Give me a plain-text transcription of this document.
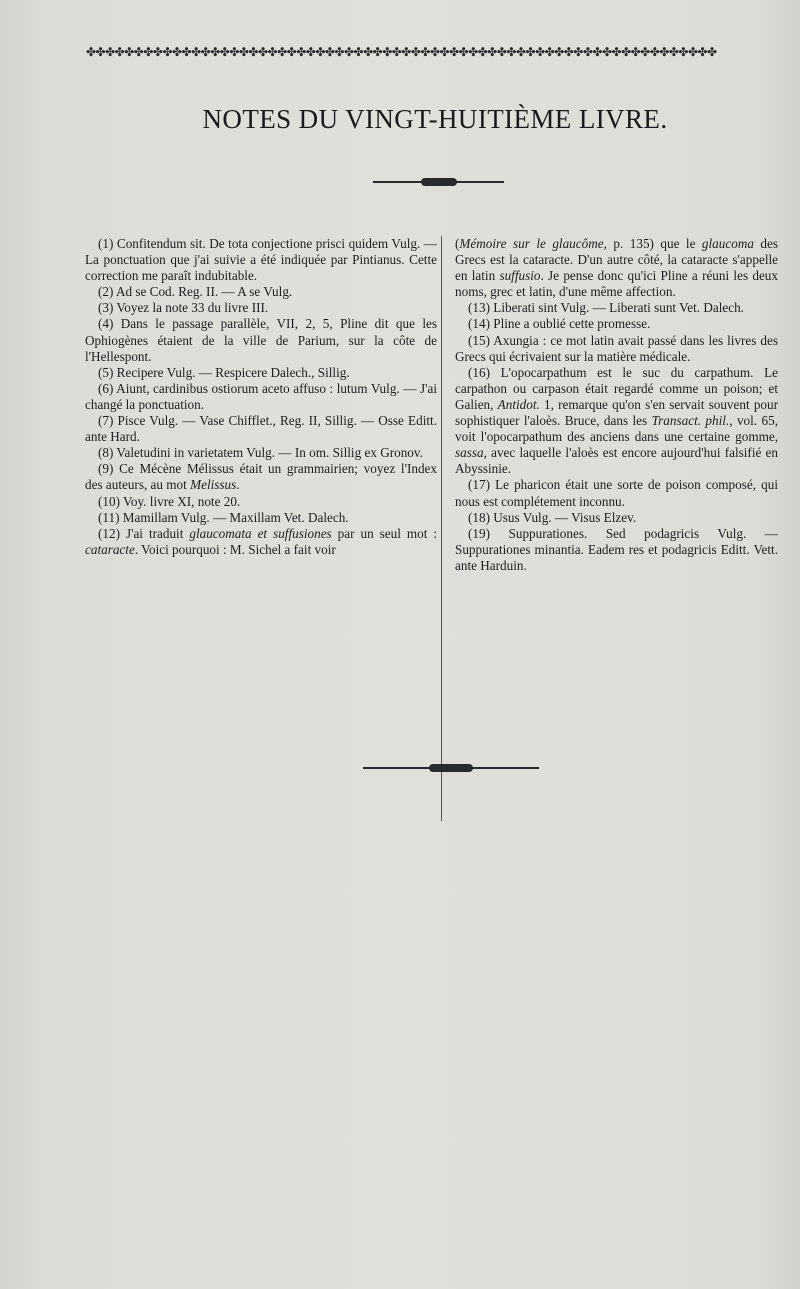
✤✤✤✤✤✤✤✤✤✤✤✤✤✤✤✤✤✤✤✤✤✤✤✤✤✤✤✤✤✤✤✤✤✤✤✤✤✤✤✤✤✤✤✤✤✤✤✤✤✤✤✤✤✤✤✤✤✤✤✤✤✤✤✤✤✤
NOTES DU VINGT-HUITIÈME LIVRE.

(1) Confitendum sit. De tota conjectione prisci quidem Vulg. — La ponctuation que j'ai suivie a été indiquée par Pintianus. Cette correction me paraît indubitable.

(2) Ad se Cod. Reg. II. — A se Vulg.

(3) Voyez la note 33 du livre III.

(4) Dans le passage parallèle, VII, 2, 5, Pline dit que les Ophiogènes étaient de la ville de Parium, sur la côte de l'Hellespont.

(5) Recipere Vulg. — Respicere Dalech., Sillig.

(6) Aiunt, cardinibus ostiorum aceto affuso : lutum Vulg. — J'ai changé la ponctuation.

(7) Pisce Vulg. — Vase Chifflet., Reg. II, Sillig. — Osse Editt. ante Hard.

(8) Valetudini in varietatem Vulg. — In om. Sillig ex Gronov.

(9) Ce Mécène Mélissus était un grammairien; voyez l'Index des auteurs, au mot Melissus.

(10) Voy. livre XI, note 20.

(11) Mamillam Vulg. — Maxillam Vet. Dalech.

(12) J'ai traduit glaucomata et suffusiones par un seul mot : cataracte. Voici pourquoi : M. Sichel a fait voir

(Mémoire sur le glaucôme, p. 135) que le glaucoma des Grecs est la cataracte. D'un autre côté, la cataracte s'appelle en latin suffusio. Je pense donc qu'ici Pline a réuni les deux noms, grec et latin, d'une même affection.

(13) Liberati sint Vulg. — Liberati sunt Vet. Dalech.

(14) Pline a oublié cette promesse.

(15) Axungia : ce mot latin avait passé dans les livres des Grecs qui écrivaient sur la matière médicale.

(16) L'opocarpathum est le suc du carpathum. Le carpathon ou carpason était regardé comme un poison; et Galien, Antidot. 1, remarque qu'on s'en servait souvent pour sophistiquer l'aloès. Bruce, dans les Transact. phil., vol. 65, voit l'opocarpathum des anciens dans une certaine gomme, sassa, avec laquelle l'aloès est encore aujourd'hui falsifié en Abyssinie.

(17) Le pharicon était une sorte de poison composé, qui nous est complétement inconnu.

(18) Usus Vulg. — Visus Elzev.

(19) Suppurationes. Sed podagricis Vulg. — Suppurationes minantia. Eadem res et podagricis Editt. Vett. ante Harduin.
